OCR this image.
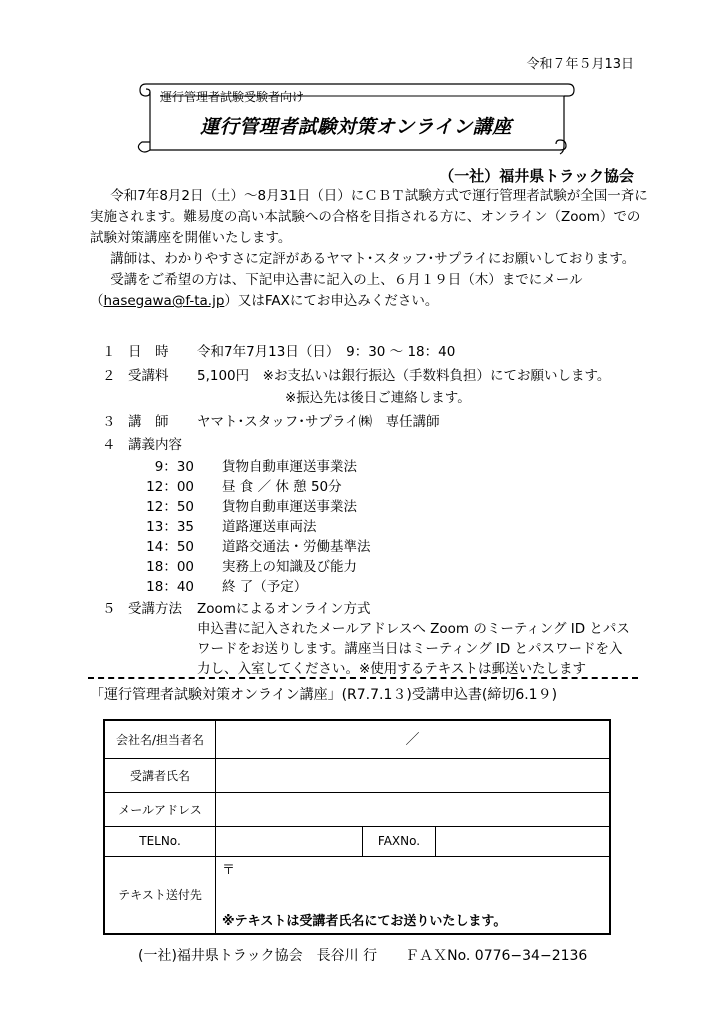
令和７年５月13日
運行管理者試験受験者向け
運行管理者試験対策オンライン講座
（一社）福井県トラック協会

令和7年8月2日（土）～8月31日（日）にＣＢＴ試験方式で運行管理者試験が全国一斉に実施されます。難易度の高い本試験への合格を目指される方に、オンライン（Zoom）での試験対策講座を開催いたします。

講師は、わかりやすさに定評があるヤマト･スタッフ･サプライにお願いしております。

受講をご希望の方は、下記申込書に記入の上、６月１９日（木）までにメール（hasegawa@f-ta.jp）又はFAXにてお申込みください。

１ 日　時 令和7年7月13日（日）　9：30 ～ 18：40
２ 受講料 5,100円　※お支払いは銀行振込（手数料負担）にてお願いします。
※振込先は後日ご連絡します。
３ 講　師 ヤマト･スタッフ･サプライ㈱　専任講師
４ 講義内容
9：30 貨物自動車運送事業法
12：00 昼 食 ／ 休 憩 50分
12：50 貨物自動車運送事業法
13：35 道路運送車両法
14：50 道路交通法・労働基準法
18：00 実務上の知識及び能力
18：40 終 了（予定）
５ 受講方法 Zoomによるオンライン方式
申込書に記入されたメールアドレスへ Zoom のミーティング ID とパス
ワードをお送りします。講座当日はミーティング ID とパスワードを入
力し、入室してください。※使用するテキストは郵送いたします
「運行管理者試験対策オンライン講座」(R7.7.1３)受講申込書(締切6.1９)
会社名/担当者名	／		
受講者氏名			
メールアドレス			
TELNo.		FAXNo.	
テキスト送付先	〒
※テキストは受講者氏名にてお送りいたします。		
(一社)福井県トラック協会　長谷川 行　　ＦＡＸNo. 0776−34−2136
